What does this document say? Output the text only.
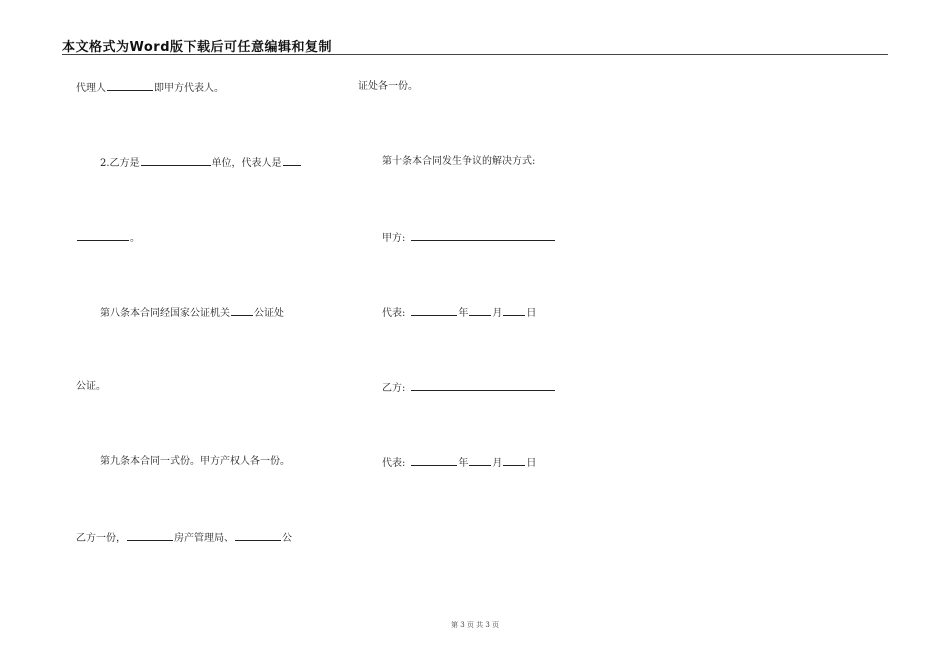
本文格式为Word版下载后可任意编辑和复制
代理人	即甲方代表人。
2.乙方是	单位，代表人是
。
第八条本合同经国家公证机关 公证处
公证。
第九条本合同一式份。甲方产权人各一份。
乙方一份，	房产管理局、	公
证处各一份。
第十条本合同发生争议的解决方式:
甲方:
代表:	年 月 日
乙方:
代表:	年 月 日
第 3 页 共 3 页
